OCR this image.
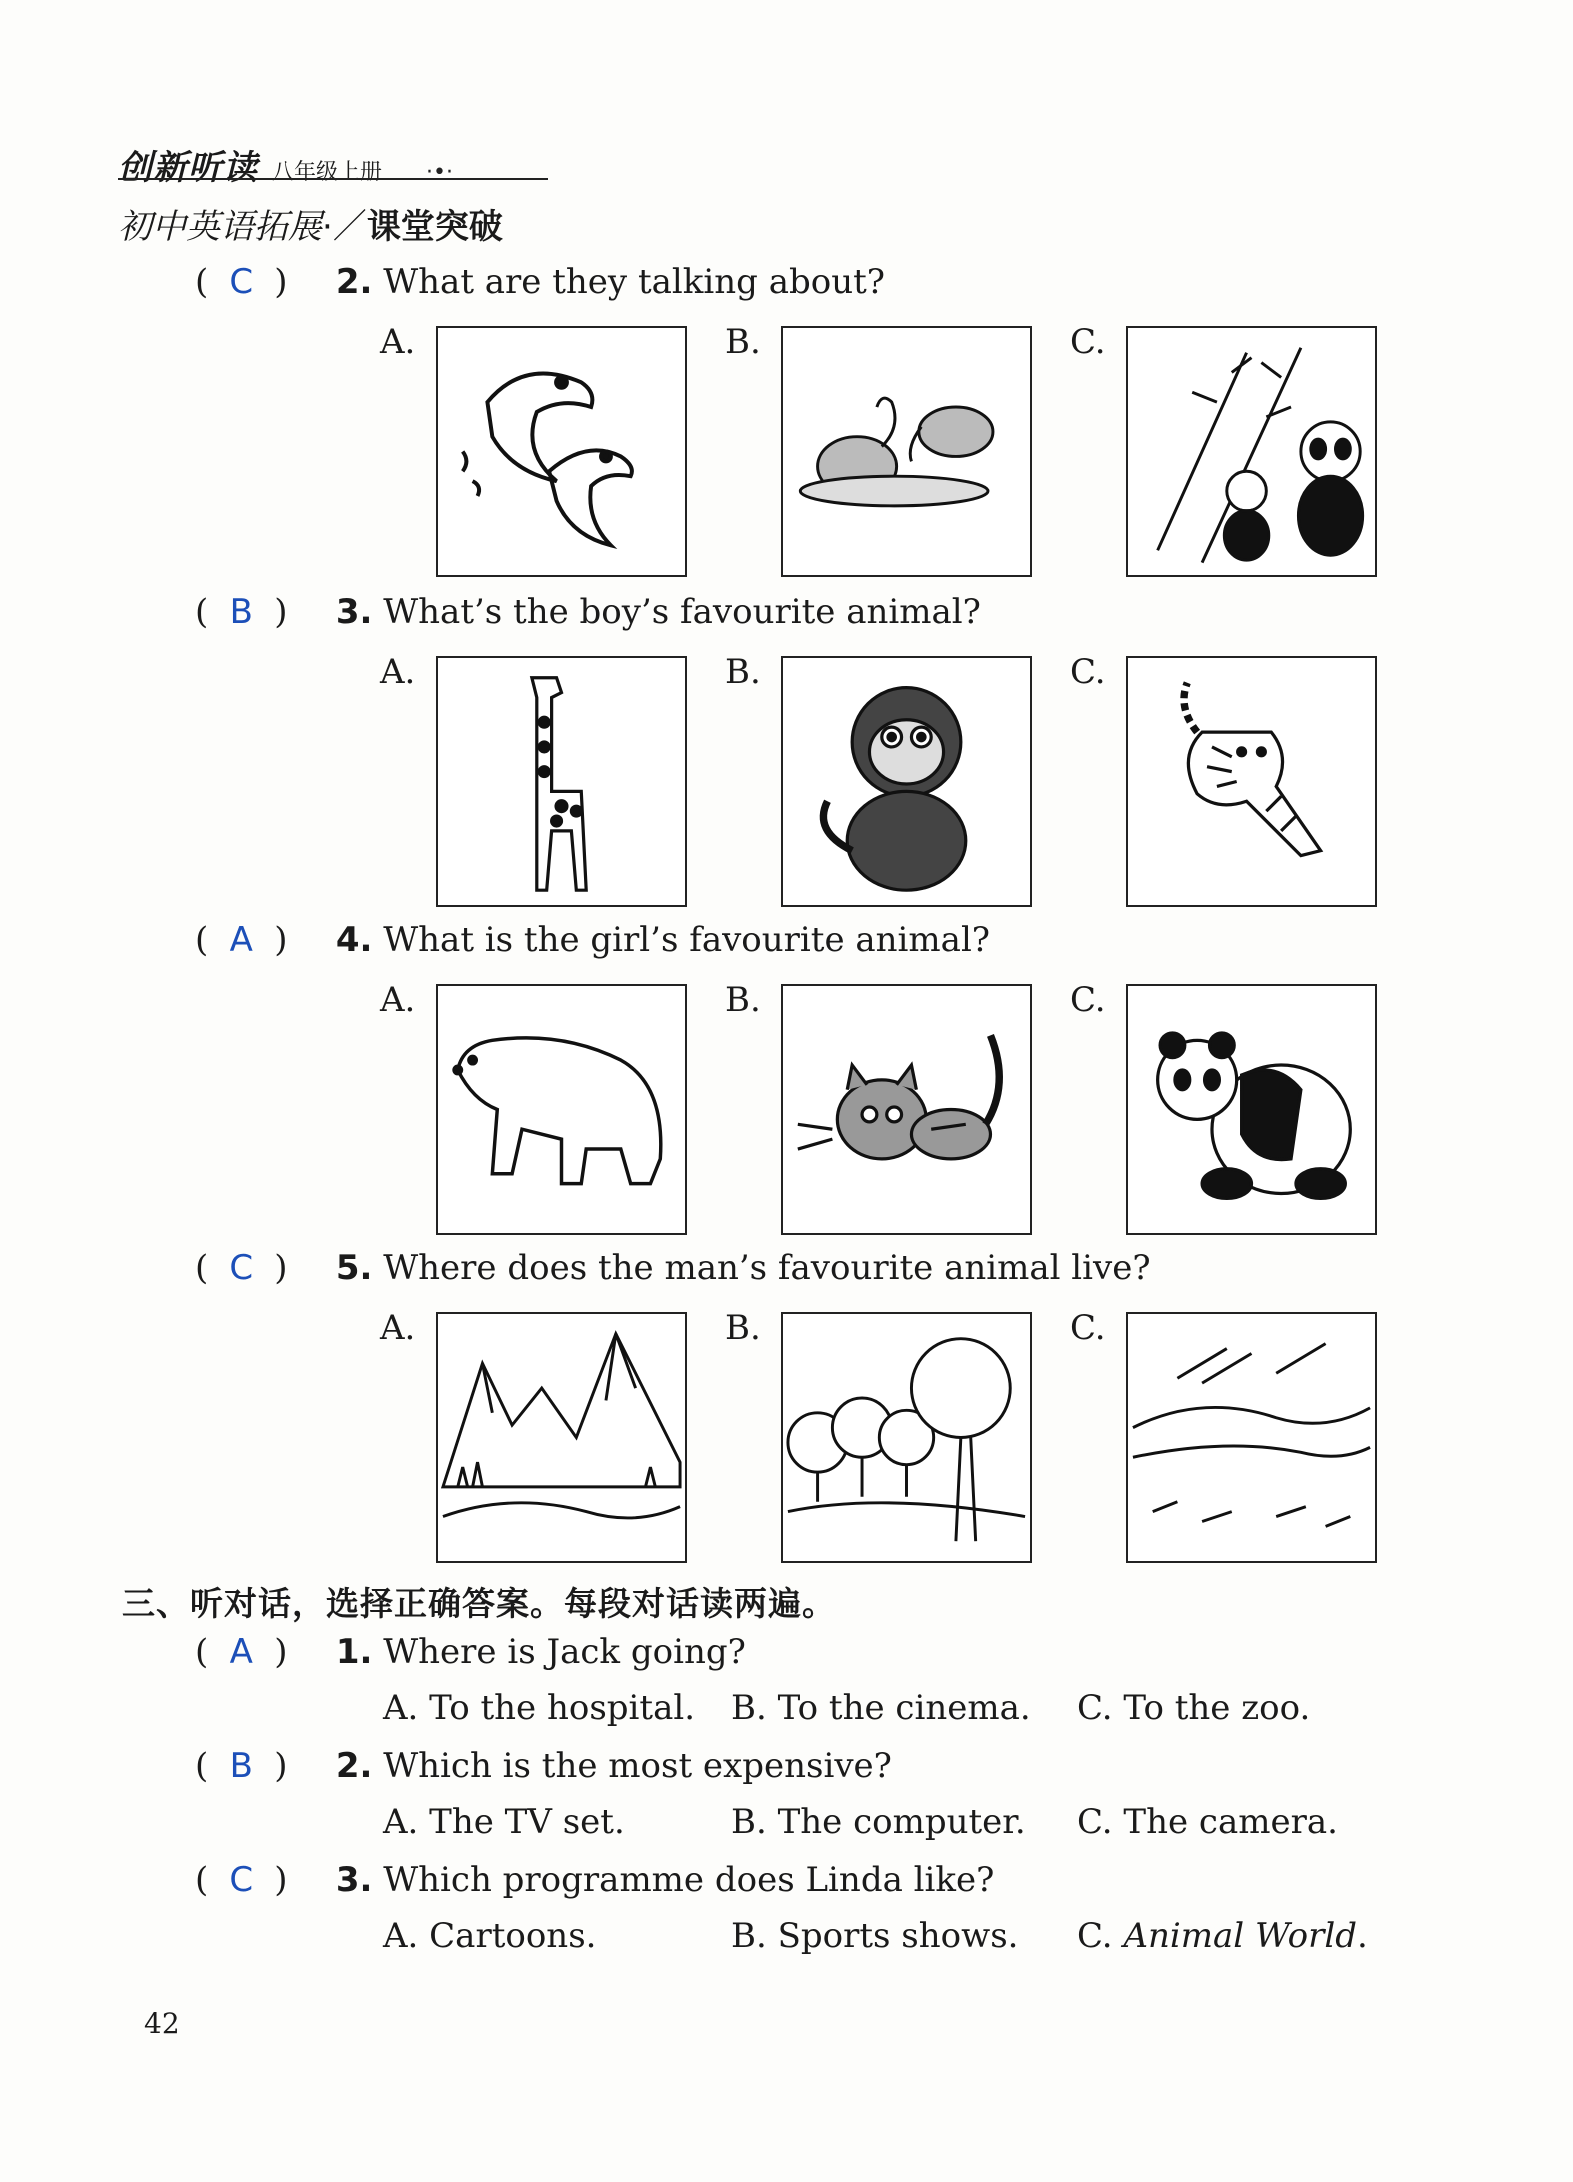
创新听读 八年级上册 ·•·
初中英语拓展·／课堂突破
( C ) 2. What are they talking about?
A.	B.	C.
( B ) 3. What’s the boy’s favourite animal?
A.	B.	C.
( A ) 4. What is the girl’s favourite animal?
A.	B.	C.
( C ) 5. Where does the man’s favourite animal live?
A.	B.	C.
三、听对话，选择正确答案。每段对话读两遍。
( A ) 1. Where is Jack going?
A. To the hospital. B. To the cinema. C. To the zoo.
( B ) 2. Which is the most expensive?
A. The TV set.	B. The computer. C. The camera.
( C ) 3. Which programme does Linda like?
A. Cartoons.	B. Sports shows. C. Animal World.
42
